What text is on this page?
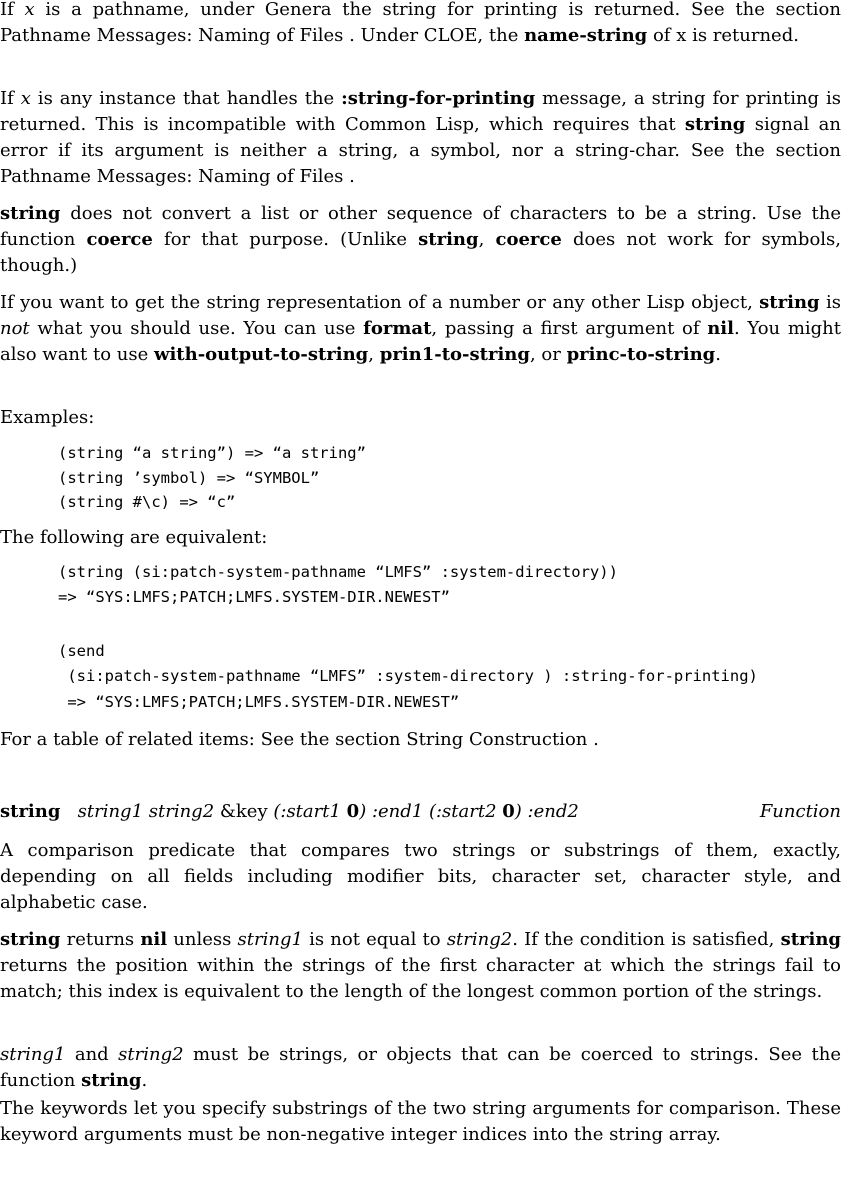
If x is a pathname, under Genera the string for printing is returned. See the section Pathname Messages: Naming of Files . Under CLOE, the name-string of x is returned.

If x is any instance that handles the :string-for-printing message, a string for printing is returned. This is incompatible with Common Lisp, which requires that string signal an error if its argument is neither a string, a symbol, nor a string-char. See the section Pathname Messages: Naming of Files .

string does not convert a list or other sequence of characters to be a string. Use the function coerce for that purpose. (Unlike string, coerce does not work for symbols, though.)

If you want to get the string representation of a number or any other Lisp object, string is not what you should use. You can use format, passing a first argument of nil. You might also want to use with-output-to-string, prin1-to-string, or princ-to-string.

Examples:
(string “a string”) => “a string”
(string ’symbol) => “SYMBOL”
(string #\c) => “c”
The following are equivalent:
(string (si:patch-system-pathname “LMFS” :system-directory))
=> “SYS:LMFS;PATCH;LMFS.SYSTEM-DIR.NEWEST”
(send
(si:patch-system-pathname “LMFS” :system-directory ) :string-for-printing)
=> “SYS:LMFS;PATCH;LMFS.SYSTEM-DIR.NEWEST”
For a table of related items: See the section String Construction .
string string1 string2 &key (:start1 0) :end1 (:start2 0) :end2	Function

A comparison predicate that compares two strings or substrings of them, exactly, depending on all fields including modifier bits, character set, character style, and alphabetic case.

string returns nil unless string1 is not equal to string2. If the condition is satisfied, string returns the position within the strings of the first character at which the strings fail to match; this index is equivalent to the length of the longest common portion of the strings.

string1 and string2 must be strings, or objects that can be coerced to strings. See the function string.

The keywords let you specify substrings of the two string arguments for comparison. These keyword arguments must be non-negative integer indices into the string array.
